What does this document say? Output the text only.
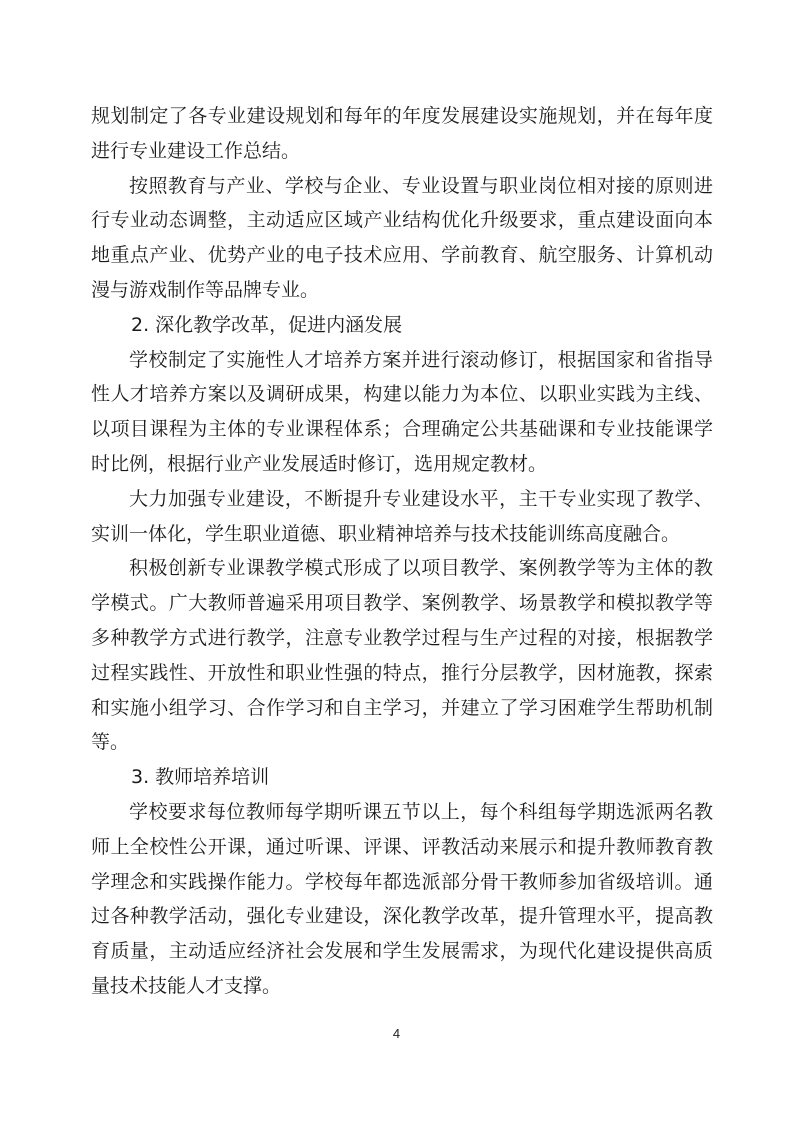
规划制定了各专业建设规划和每年的年度发展建设实施规划，并在每年度
进行专业建设工作总结。
按照教育与产业、学校与企业、专业设置与职业岗位相对接的原则进
行专业动态调整，主动适应区域产业结构优化升级要求，重点建设面向本
地重点产业、优势产业的电子技术应用、学前教育、航空服务、计算机动
漫与游戏制作等品牌专业。
2. 深化教学改革，促进内涵发展
学校制定了实施性人才培养方案并进行滚动修订，根据国家和省指导
性人才培养方案以及调研成果，构建以能力为本位、以职业实践为主线、
以项目课程为主体的专业课程体系；合理确定公共基础课和专业技能课学
时比例，根据行业产业发展适时修订，选用规定教材。
大力加强专业建设，不断提升专业建设水平，主干专业实现了教学、
实训一体化，学生职业道德、职业精神培养与技术技能训练高度融合。
积极创新专业课教学模式形成了以项目教学、案例教学等为主体的教
学模式。广大教师普遍采用项目教学、案例教学、场景教学和模拟教学等
多种教学方式进行教学，注意专业教学过程与生产过程的对接，根据教学
过程实践性、开放性和职业性强的特点，推行分层教学，因材施教，探索
和实施小组学习、合作学习和自主学习，并建立了学习困难学生帮助机制
等。
3. 教师培养培训
学校要求每位教师每学期听课五节以上，每个科组每学期选派两名教
师上全校性公开课，通过听课、评课、评教活动来展示和提升教师教育教
学理念和实践操作能力。学校每年都选派部分骨干教师参加省级培训。通
过各种教学活动，强化专业建设，深化教学改革，提升管理水平，提高教
育质量，主动适应经济社会发展和学生发展需求，为现代化建设提供高质
量技术技能人才支撑。
4
